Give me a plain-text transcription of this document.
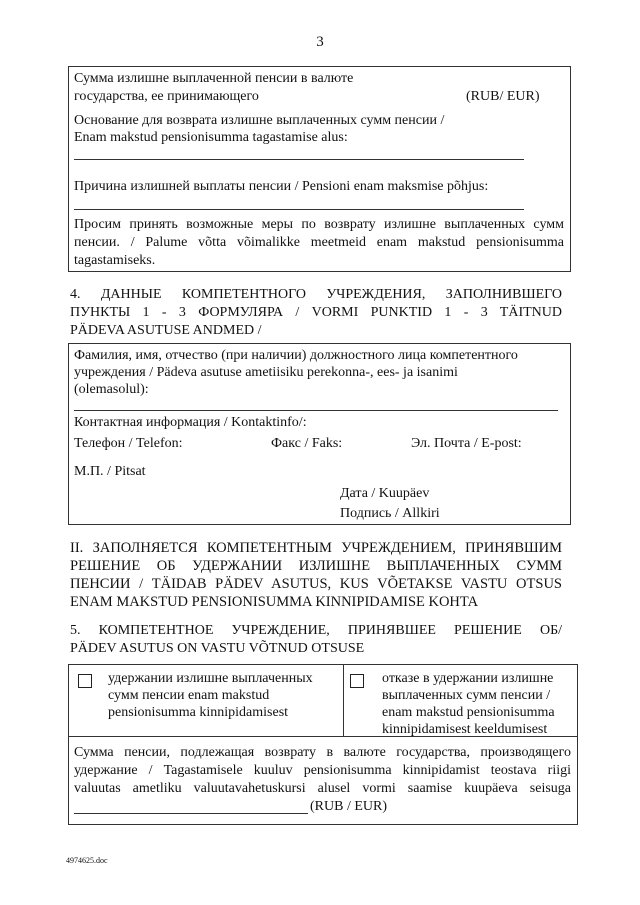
3
Сумма излишне выплаченной пенсии в валюте
государства, ее принимающего	(RUB/ EUR)
Основание для возврата излишне выплаченных сумм пенсии /
Enam makstud pensionisumma tagastamise alus:
Причина излишней выплаты пенсии / Pensioni enam maksmise põhjus:
Просим принять возможные меры по возврату излишне выплаченных сумм
пенсии. / Palume võtta võimalikke meetmeid enam makstud pensionisumma
tagastamiseks.
4. ДАННЫЕ КОМПЕТЕНТНОГО УЧРЕЖДЕНИЯ, ЗАПОЛНИВШЕГО
ПУНКТЫ 1 - 3 ФОРМУЛЯРА / VORMI PUNKTID 1 - 3 TÄITNUD
PÄDEVA ASUTUSE ANDMED /
Фамилия, имя, отчество (при наличии) должностного лица компетентного
учреждения / Pädeva asutuse ametiisiku perekonna-, ees- ja isanimi
(olemasolul):
Контактная информация / Kontaktinfo/:
Телефон / Telefon:	Факс / Faks:	Эл. Почта / E-post:
М.П. / Pitsat
Дата / Kuupäev
Подпись / Allkiri
II. ЗАПОЛНЯЕТСЯ КОМПЕТЕНТНЫМ УЧРЕЖДЕНИЕМ, ПРИНЯВШИМ
РЕШЕНИЕ ОБ УДЕРЖАНИИ ИЗЛИШНЕ ВЫПЛАЧЕННЫХ СУММ
ПЕНСИИ / TÄIDAB PÄDEV ASUTUS, KUS VÕETAKSE VASTU OTSUS
ENAM MAKSTUD PENSIONISUMMA KINNIPIDAMISE KOHTA
5. КОМПЕТЕНТНОЕ УЧРЕЖДЕНИЕ, ПРИНЯВШЕЕ РЕШЕНИЕ ОБ/
PÄDEV ASUTUS ON VASTU VÕTNUD OTSUSE
удержании излишне выплаченных
сумм пенсии enam makstud
pensionisumma kinnipidamisest
отказе в удержании излишне
выплаченных сумм пенсии /
enam makstud pensionisumma
kinnipidamisest keeldumisest
Сумма пенсии, подлежащая возврату в валюте государства, производящего
удержание / Tagastamisele kuuluv pensionisumma kinnipidamist teostava riigi
valuutas ametliku valuutavahetuskursi alusel vormi saamise kuupäeva seisuga
(RUB / EUR)
4974625.doc
